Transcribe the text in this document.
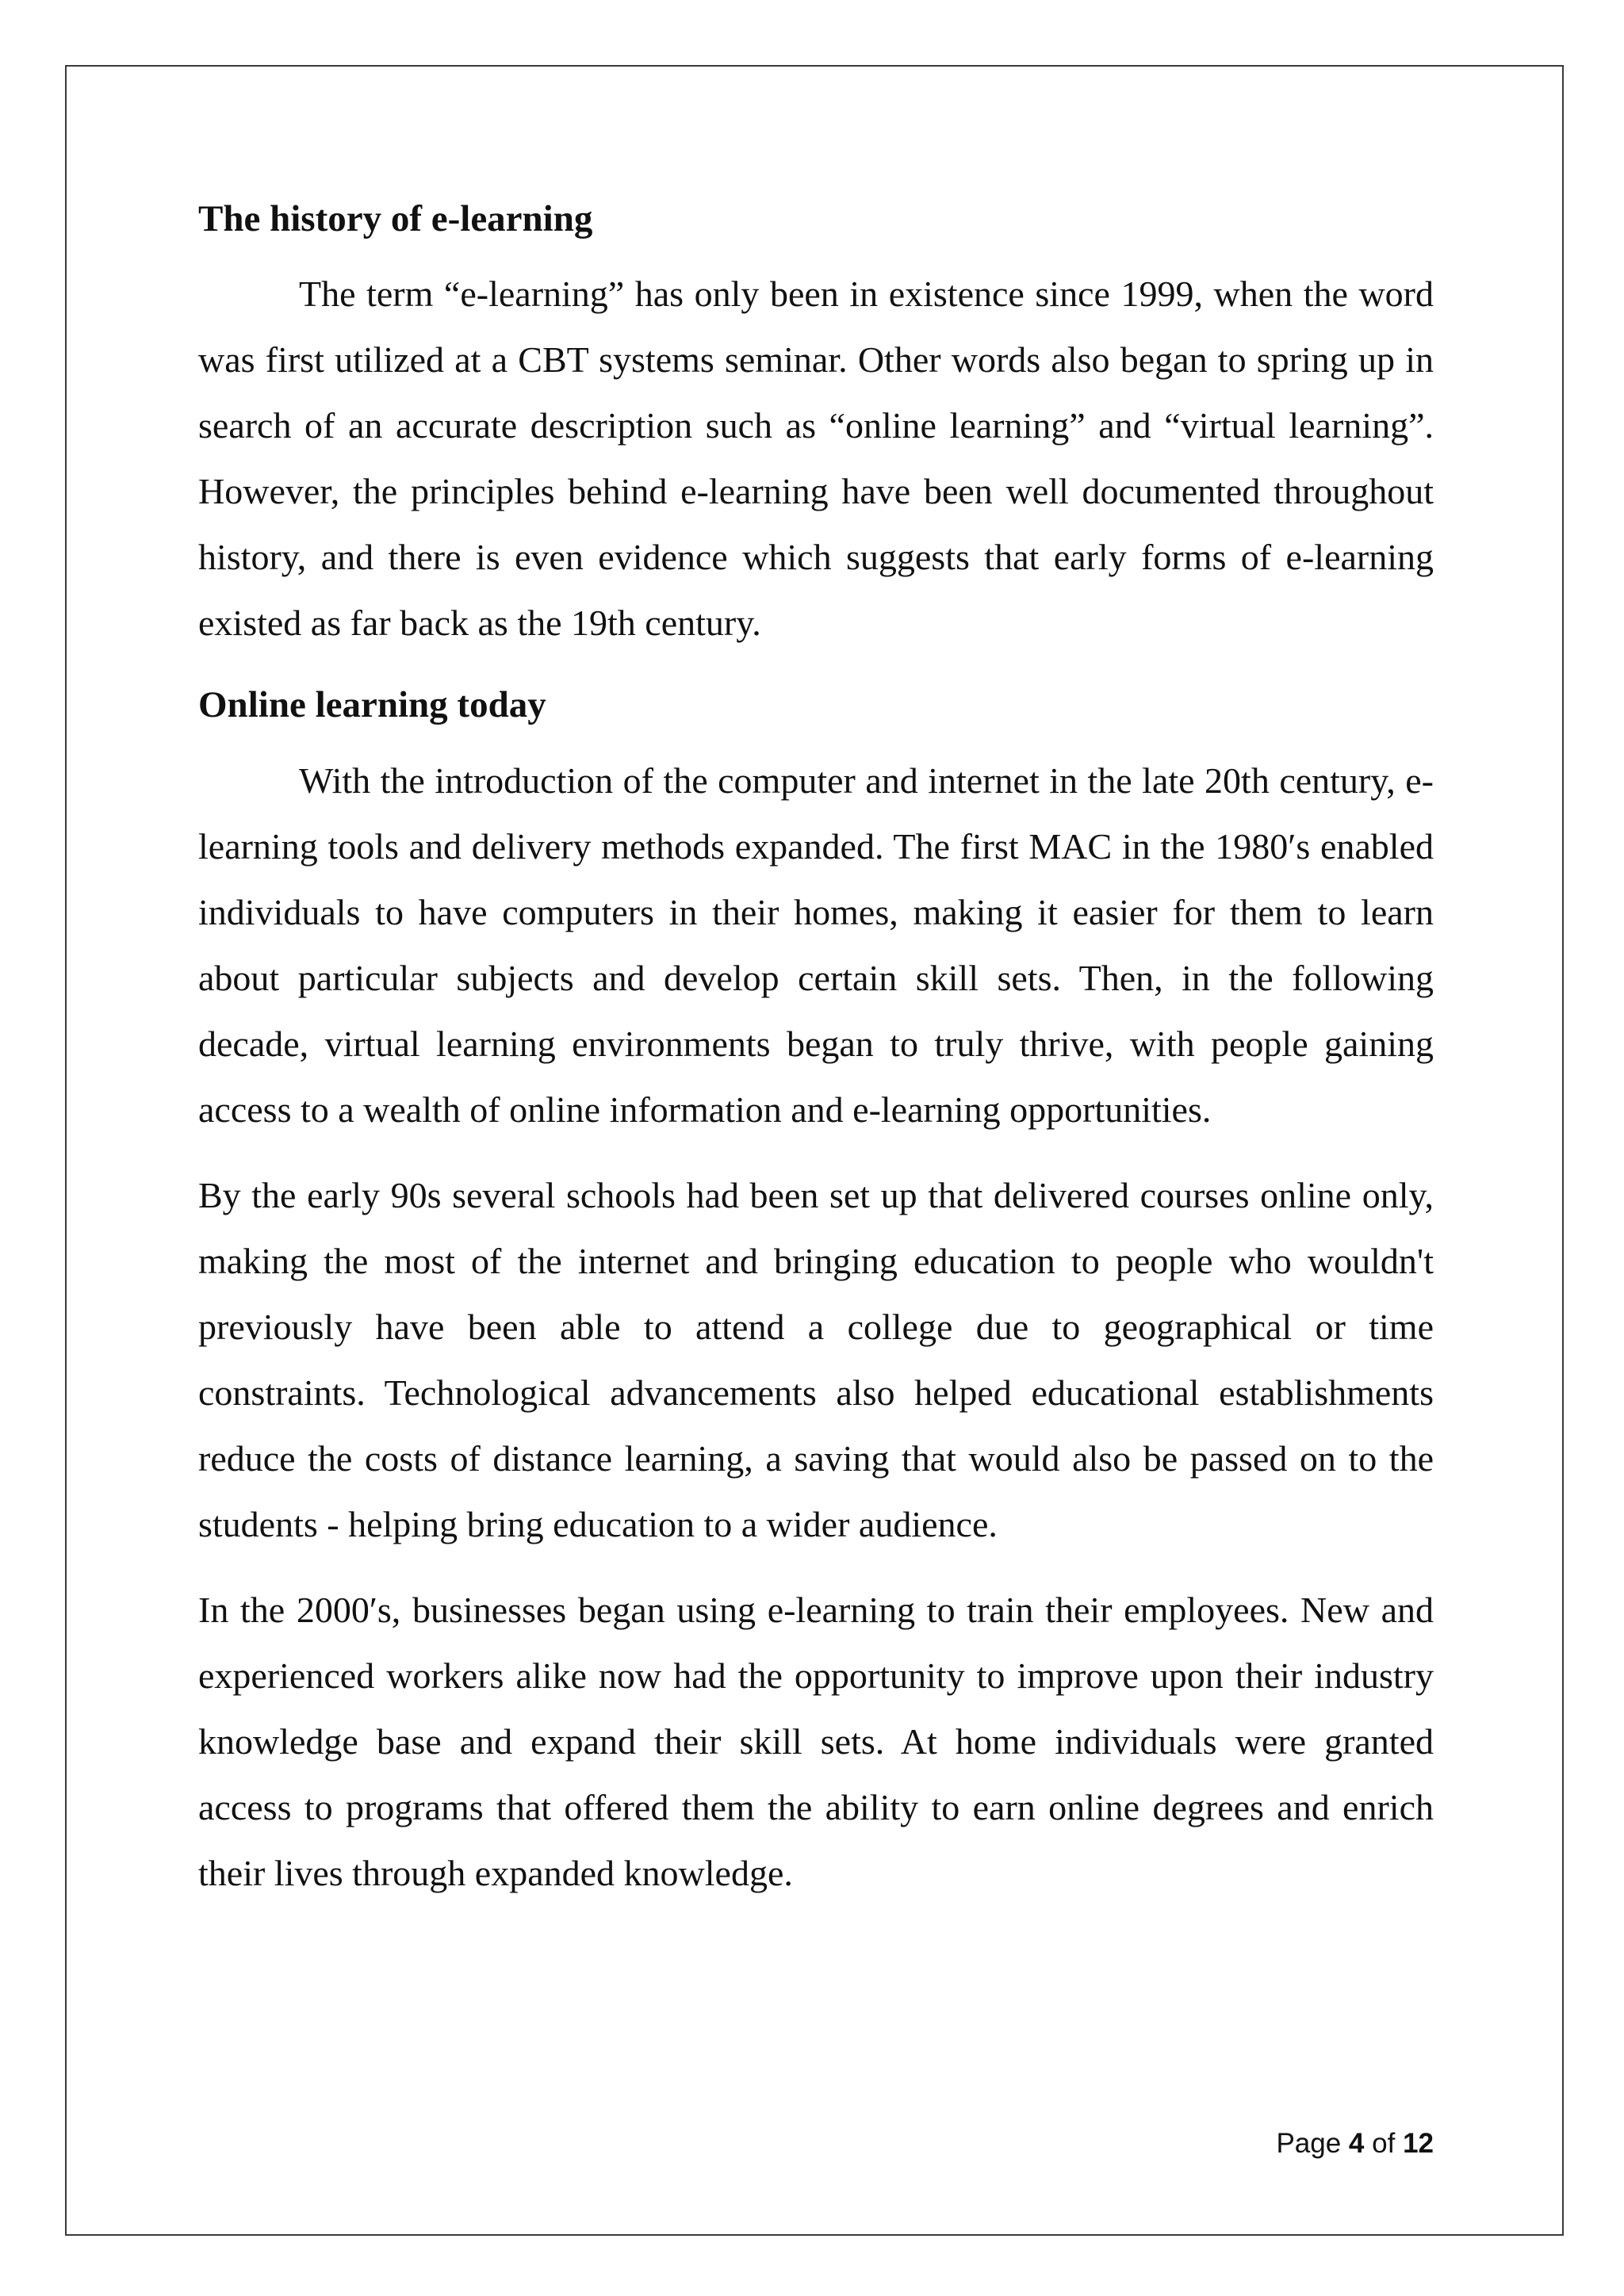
The history of e-learning

The term “e-learning” has only been in existence since 1999, when the word was first utilized at a CBT systems seminar. Other words also began to spring up in search of an accurate description such as “online learning” and “virtual learning”. However, the principles behind e-learning have been well documented throughout history, and there is even evidence which suggests that early forms of e-learning existed as far back as the 19th century.

Online learning today

With the introduction of the computer and internet in the late 20th century, e-learning tools and delivery methods expanded. The first MAC in the 1980′s enabled individuals to have computers in their homes, making it easier for them to learn about particular subjects and develop certain skill sets. Then, in the following decade, virtual learning environments began to truly thrive, with people gaining access to a wealth of online information and e-learning opportunities.

By the early 90s several schools had been set up that delivered courses online only, making the most of the internet and bringing education to people who wouldn't previously have been able to attend a college due to geographical or time constraints. Technological advancements also helped educational establishments reduce the costs of distance learning, a saving that would also be passed on to the students - helping bring education to a wider audience.

In the 2000′s, businesses began using e-learning to train their employees. New and experienced workers alike now had the opportunity to improve upon their industry knowledge base and expand their skill sets. At home individuals were granted access to programs that offered them the ability to earn online degrees and enrich their lives through expanded knowledge.

Page 4 of 12
